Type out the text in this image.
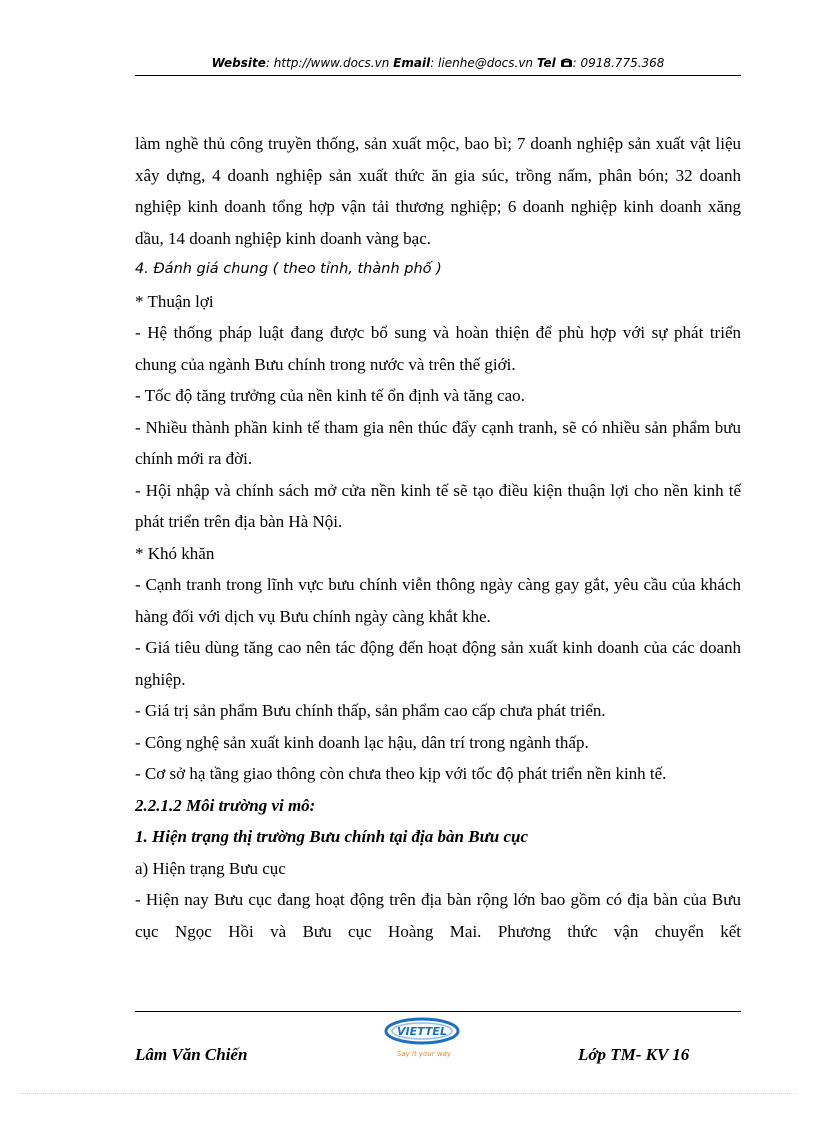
Website: http://www.docs.vn Email: lienhe@docs.vn Tel : 0918.775.368

làm nghề thủ công truyền thống, sản xuất mộc, bao bì; 7 doanh nghiệp sản xuất vật liệu xây dựng, 4 doanh nghiệp sản xuất thức ăn gia súc, trồng nấm, phân bón; 32 doanh nghiệp kinh doanh tổng hợp vận tải thương nghiệp; 6 doanh nghiệp kinh doanh xăng dầu, 14 doanh nghiệp kinh doanh vàng bạc.

4. Đánh giá chung ( theo tỉnh, thành phố )

* Thuận lợi

- Hệ thống pháp luật đang được bổ sung và hoàn thiện để phù hợp với sự phát triển chung của ngành Bưu chính trong nước và trên thế giới.

- Tốc độ tăng trưởng của nền kinh tế ổn định và tăng cao.

- Nhiều thành phần kinh tế tham gia nên thúc đẩy cạnh tranh, sẽ có nhiều sản phẩm bưu chính mới ra đời.

- Hội nhập và chính sách mở cửa nền kinh tế sẽ tạo điều kiện thuận lợi cho nền kinh tế phát triển trên địa bàn Hà Nội.

* Khó khăn

- Cạnh tranh trong lĩnh vực bưu chính viễn thông ngày càng gay gắt, yêu cầu của khách hàng đối với dịch vụ Bưu chính ngày càng khắt khe.

- Giá tiêu dùng tăng cao nên tác động đến hoạt động sản xuất kinh doanh của các doanh nghiệp.

- Giá trị sản phẩm Bưu chính thấp, sản phẩm cao cấp chưa phát triển.

- Công nghệ sản xuất kinh doanh lạc hậu, dân trí trong ngành thấp.

- Cơ sở hạ tầng giao thông còn chưa theo kịp với tốc độ phát triển nền kinh tế.

2.2.1.2 Môi trường vi mô:

1. Hiện trạng thị trường Bưu chính tại địa bàn Bưu cục

a) Hiện trạng Bưu cục

- Hiện nay Bưu cục đang hoạt động trên địa bàn rộng lớn bao gồm có địa bàn của Bưu cục Ngọc Hồi và Bưu cục Hoàng Mai. Phương thức vận chuyển kết

VIETTEL
Say it your way
Lâm Văn Chiến	Lớp TM- KV 16
